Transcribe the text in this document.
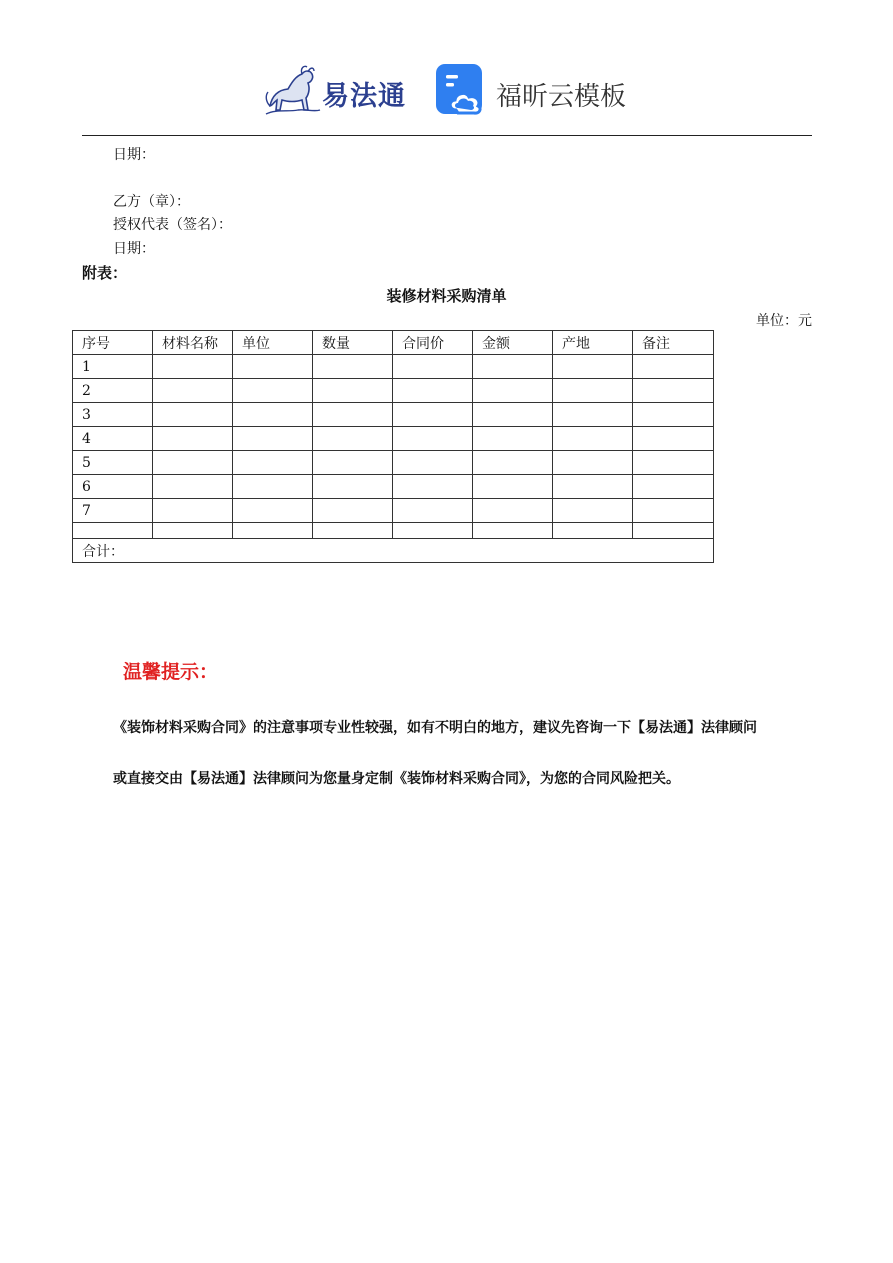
易法通	福昕云模板
日期：
乙方（章）：
授权代表（签名）：
日期：
附表：
装修材料采购清单
单位：元
序号	材料名称	单位	数量	合同价	金额	产地	备注
1							
2							
3							
4							
5							
6							
7							

合计：							
温馨提示：
《装饰材料采购合同》的注意事项专业性较强，如有不明白的地方，建议先咨询一下【易法通】法律顾问
或直接交由【易法通】法律顾问为您量身定制《装饰材料采购合同》，为您的合同风险把关。
